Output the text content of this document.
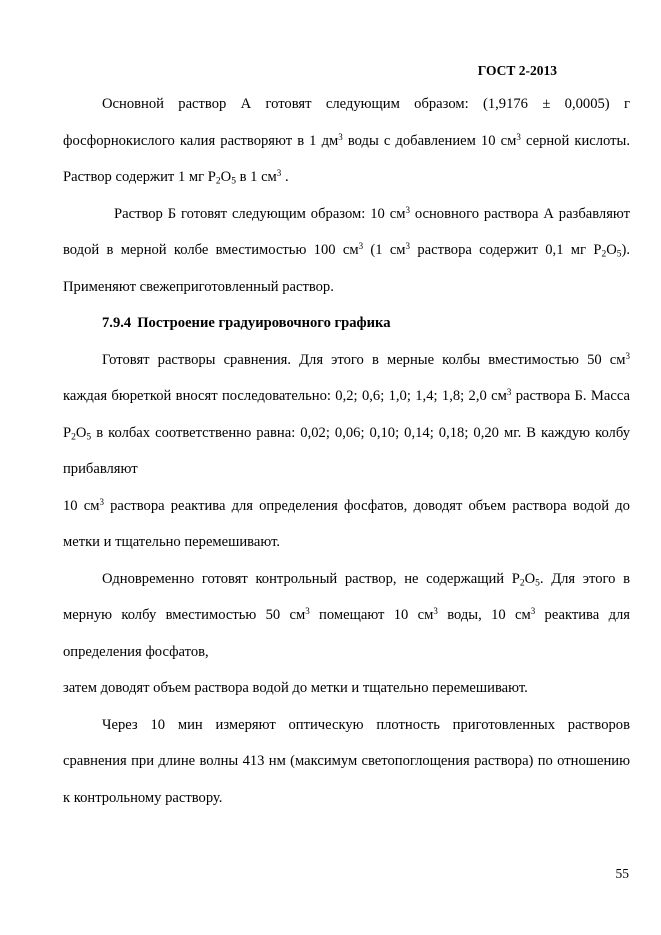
ГОСТ 2-2013

Основной раствор А готовят следующим образом: (1,9176 ± 0,0005) г фосфорнокислого калия растворяют в 1 $дм^3$ воды с добавлением 10 $см^3$ серной кислоты. Раствор содержит 1 мг $P_2O_5$ в 1 $см^3$ .

Раствор Б готовят следующим образом: 10 $см^3$ основного раствора А разбавляют водой в мерной колбе вместимостью 100 $см^3$ (1 $см^3$ раствора содержит 0,1 мг $P_2O_5$). Применяют свежеприготовленный раствор.

7.9.4 Построение градуировочного графика

Готовят растворы сравнения. Для этого в мерные колбы вместимостью 50 $см^3$ каждая бюреткой вносят последовательно: 0,2; 0,6; 1,0; 1,4; 1,8; 2,0 $см^3$ раствора Б. Масса $P_2O_5$ в колбах соответственно равна: 0,02; 0,06; 0,10; 0,14; 0,18; 0,20 мг. В каждую колбу прибавляют

10 $см^3$ раствора реактива для определения фосфатов, доводят объем раствора водой до метки и тщательно перемешивают.

Одновременно готовят контрольный раствор, не содержащий $P_2O_5$. Для этого в мерную колбу вместимостью 50 $см^3$ помещают 10 $см^3$ воды, 10 $см^3$ реактива для определения фосфатов,

затем доводят объем раствора водой до метки и тщательно перемешивают.

Через 10 мин измеряют оптическую плотность приготовленных растворов сравнения при длине волны 413 нм (максимум светопоглощения раствора) по отношению к контрольному раствору.

55
